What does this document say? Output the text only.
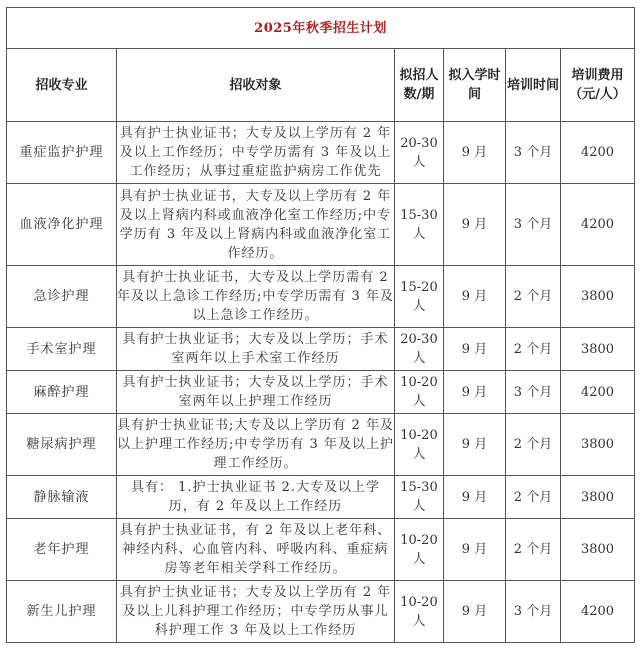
2025年秋季招生计划					
招收专业	招收对象	拟招人数/期	拟入学时间	培训时间	培训费用（元/人）
重症监护护理	具有护士执业证书；大专及以上学历有 2 年及以上工作经历；中专学历需有 3 年及以上工作经历；从事过重症监护病房工作优先	20-30 人	9 月	3 个月	4200
血液净化护理	具有护士执业证书，大专及以上学历有 2 年及以上肾病内科或血液净化室工作经历;中专学历有 3 年及以上肾病内科或血液净化室工作经历。	15-30 人	9 月	3 个月	4200
急诊护理	具有护士执业证书，大专及以上学历需有 2 年及以上急诊工作经历;中专学历需有 3 年及以上急诊工作经历。	15-20 人	9 月	2 个月	3800
手术室护理	具有护士执业证书；大专及以上学历；手术室两年以上手术室工作经历	20-30 人	9 月	2 个月	3800
麻醉护理	具有护士执业证书；大专及以上学历；手术室两年以上护理工作经历	10-20 人	9 月	3 个月	4200
糖尿病护理	具有护士执业证书;大专及以上学历有 2 年及以上护理工作经历;中专学历有 3 年及以上护理工作经历。	10-20 人	9 月	2 个月	3800
静脉输液	具有： 1.护士执业证书 2.大专及以上学历，有 2 年及以上工作经历	15-30 人	9 月	2 个月	3800
老年护理	具有护士执业证书，有 2 年及以上老年科、神经内科、心血管内科、呼吸内科、重症病房等老年相关学科工作经历。	10-20 人	9 月	2 个月	3800
新生儿护理	具有护士执业证书；大专及以上学历有 2 年及以上儿科护理工作经历；中专学历从事儿科护理工作 3 年及以上工作经历	10-20 人	9 月	3 个月	4200
